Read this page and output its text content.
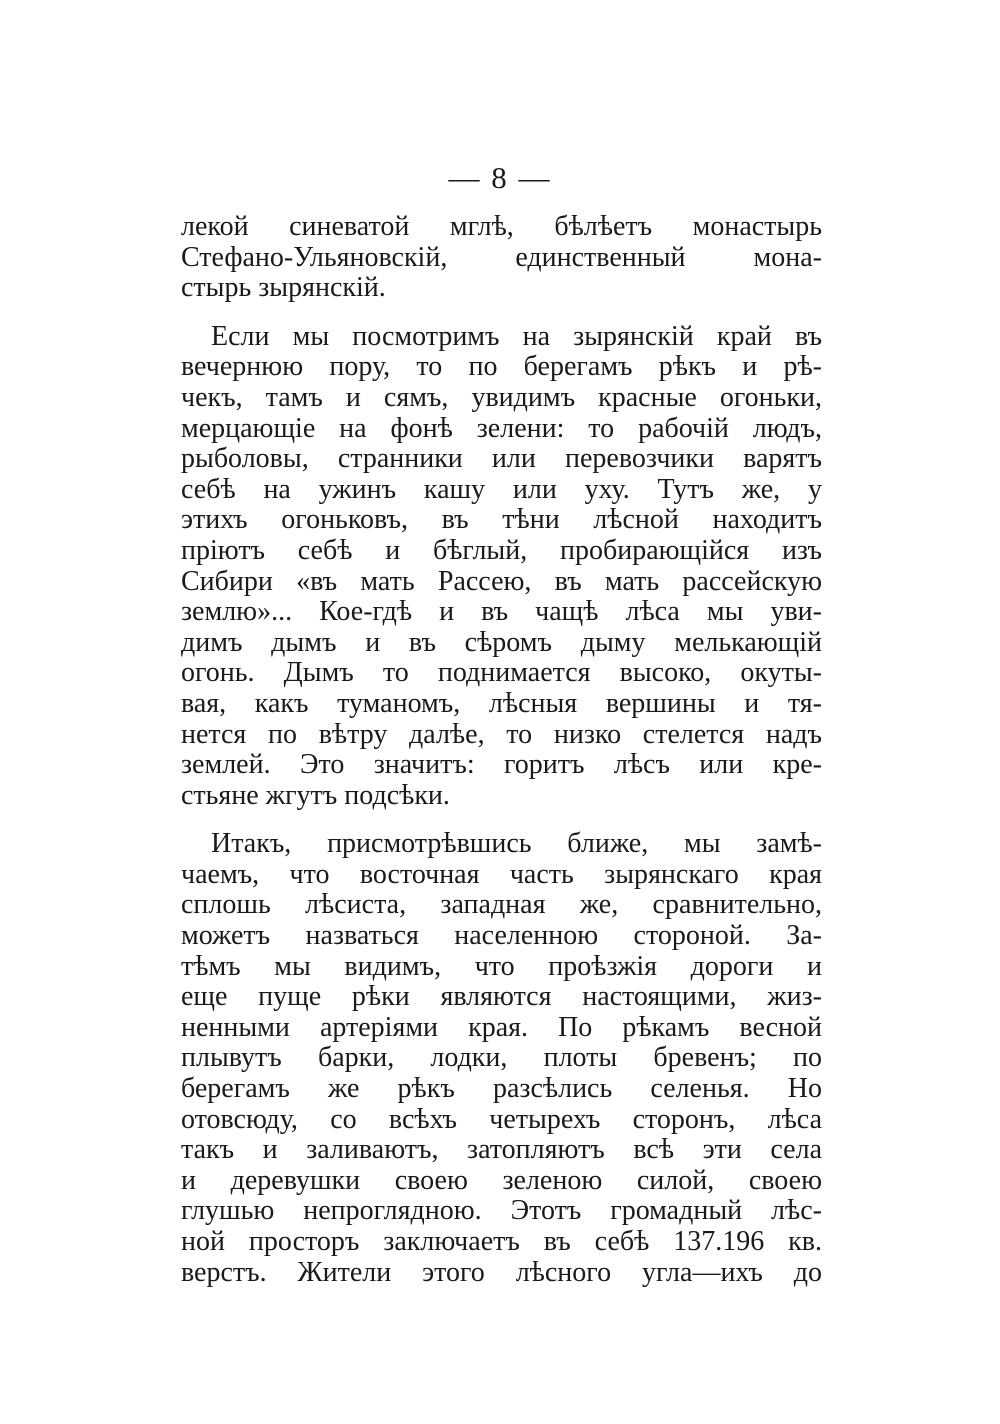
— 8 —
лекой синеватой мглѣ, бѣлѣетъ монастырь
Стефано-Ульяновскій, единственный мона-
стырь зырянскій.
Если мы посмотримъ на зырянскій край въ
вечернюю пору, то по берегамъ рѣкъ и рѣ-
чекъ, тамъ и сямъ, увидимъ красные огоньки,
мерцающіе на фонѣ зелени: то рабочій людъ,
рыболовы, странники или перевозчики варятъ
себѣ на ужинъ кашу или уху. Тутъ же, у
этихъ огоньковъ, въ тѣни лѣсной находитъ
пріютъ себѣ и бѣглый, пробирающійся изъ
Сибири «въ мать Рассею, въ мать рассейскую
землю»... Кое-гдѣ и въ чащѣ лѣса мы уви-
димъ дымъ и въ сѣромъ дыму мелькающій
огонь. Дымъ то поднимается высоко, окуты-
вая, какъ туманомъ, лѣсныя вершины и тя-
нется по вѣтру далѣе, то низко стелется надъ
землей. Это значитъ: горитъ лѣсъ или кре-
стьяне жгутъ подсѣки.
Итакъ, присмотрѣвшись ближе, мы замѣ-
чаемъ, что восточная часть зырянскаго края
сплошь лѣсиста, западная же, сравнительно,
можетъ назваться населенною стороной. За-
тѣмъ мы видимъ, что проѣзжія дороги и
еще пуще рѣки являются настоящими, жиз-
ненными артеріями края. По рѣкамъ весной
плывутъ барки, лодки, плоты бревенъ; по
берегамъ же рѣкъ разсѣлись селенья. Но
отовсюду, со всѣхъ четырехъ сторонъ, лѣса
такъ и заливаютъ, затопляютъ всѣ эти села
и деревушки своею зеленою силой, своею
глушью непроглядною. Этотъ громадный лѣс-
ной просторъ заключаетъ въ себѣ 137.196 кв.
верстъ. Жители этого лѣсного угла—ихъ до
